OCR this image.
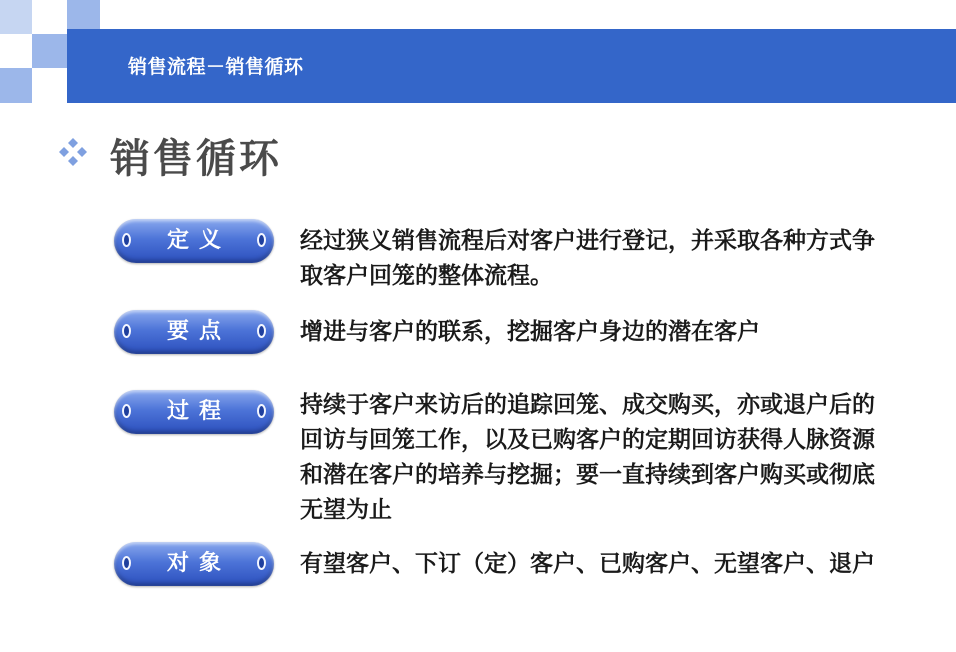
销售流程－销售循环
销售循环
定义	经过狭义销售流程后对客户进行登记，并采取各种方式争取客户回笼的整体流程。
要点	增进与客户的联系，挖掘客户身边的潜在客户
过程	持续于客户来访后的追踪回笼、成交购买，亦或退户后的回访与回笼工作，以及已购客户的定期回访获得人脉资源和潜在客户的培养与挖掘；要一直持续到客户购买或彻底无望为止
对象	有望客户、下订（定）客户、已购客户、无望客户、退户
